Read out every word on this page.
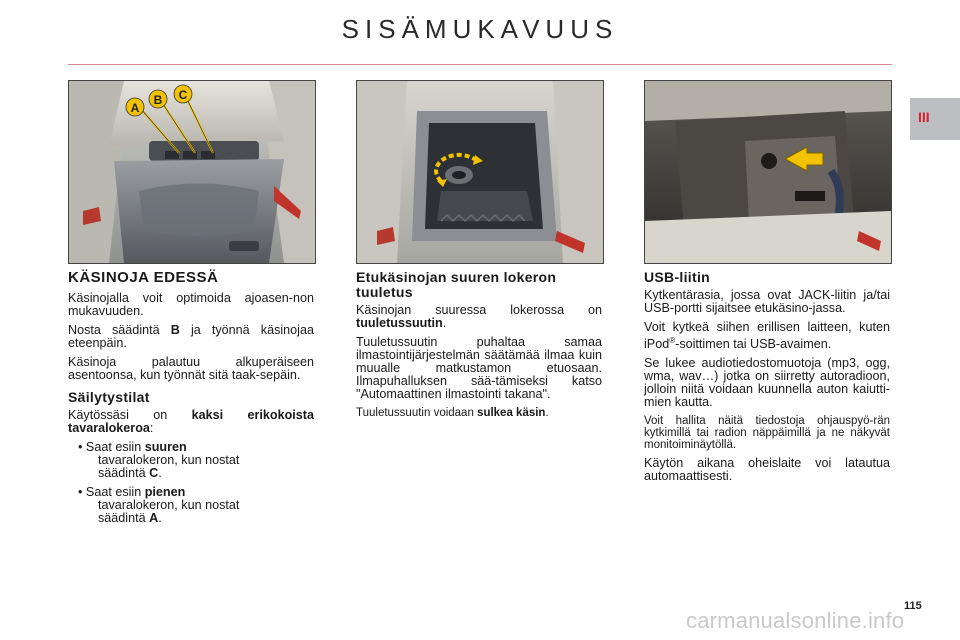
SISÄMUKAVUUS
III
A
B C
KÄSINOJA EDESSÄ

Käsinojalla voit optimoida ajoasen-non mukavuuden.

Nosta säädintä B ja työnnä käsinojaa eteenpäin.

Käsinoja palautuu alkuperäiseen asentoonsa, kun työnnät sitä taak-sepäin.

Säilytystilat

Käytössäsi on kaksi erikokoista tavaralokeroa:

• Saat esiin suuren
tavaralokeron, kun nostat
säädintä C.
• Saat esiin pienen
tavaralokeron, kun nostat
säädintä A.
Etukäsinojan suuren lokeron tuuletus

Käsinojan suuressa lokerossa on tuuletussuutin.

Tuuletussuutin puhaltaa samaa ilmastointijärjestelmän säätämää ilmaa kuin muualle matkustamon etuosaan. Ilmapuhalluksen sää-tämiseksi katso "Automaattinen ilmastointi takana".

Tuuletussuutin voidaan sulkea käsin.

USB-liitin

Kytkentärasia, jossa ovat JACK-liitin ja/tai USB-portti sijaitsee etukäsino-jassa.

Voit kytkeä siihen erillisen laitteen, kuten iPod®-soittimen tai USB-avaimen.

Se lukee audiotiedostomuotoja (mp3, ogg, wma, wav…) jotka on siirretty autoradioon, jolloin niitä voidaan kuunnella auton kaiutti-mien kautta.

Voit hallita näitä tiedostoja ohjauspyö-rän kytkimillä tai radion näppäimillä ja ne näkyvät monitoiminäytöllä.

Käytön aikana oheislaite voi latautua automaattisesti.

115
carmanualsonline.info
